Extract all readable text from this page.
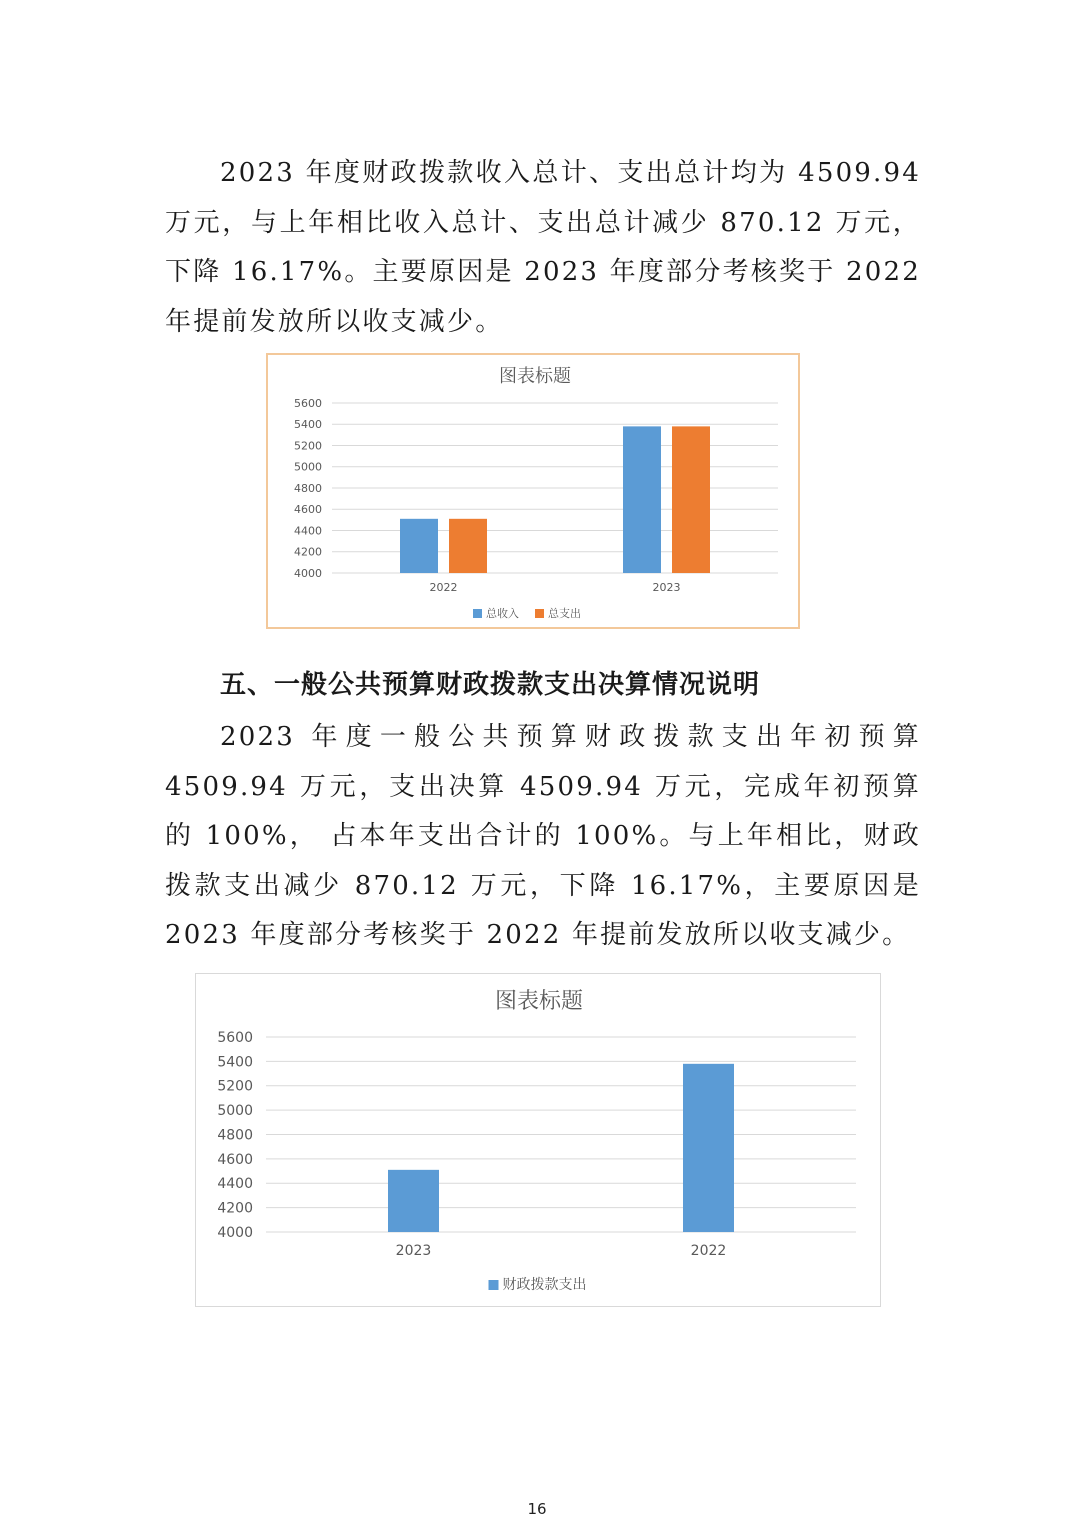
2023 年度财政拨款收入总计、支出总计均为 4509.94 万元，与上年相比收入总计、支出总计减少 870.12 万元，下降 16.17%。主要原因是 2023 年度部分考核奖于 2022 年提前发放所以收支减少。

图表标题
4000
4200
4400
4600
4800
5000
5200
5400
5600
2022	2023
总收入	总支出
五、一般公共预算财政拨款支出决算情况说明

2023 年度一般公共预算财政拨款支出年初预算 4509.94 万元，支出决算 4509.94 万元，完成年初预算的 100%， 占本年支出合计的 100%。与上年相比，财政拨款支出减少 870.12 万元，下降 16.17%，主要原因是 2023 年度部分考核奖于 2022 年提前发放所以收支减少。

图表标题
4000
4200
4400
4600
4800
5000
5200
5400
5600
2023	2022
财政拨款支出
16
